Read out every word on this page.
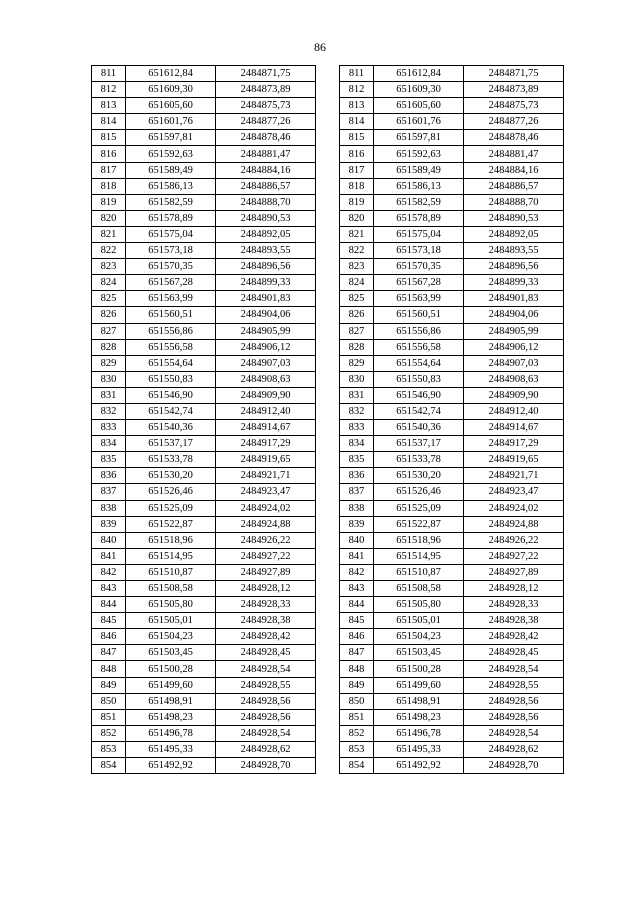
86
811	651612,84	2484871,75
812	651609,30	2484873,89
813	651605,60	2484875,73
814	651601,76	2484877,26
815	651597,81	2484878,46
816	651592,63	2484881,47
817	651589,49	2484884,16
818	651586,13	2484886,57
819	651582,59	2484888,70
820	651578,89	2484890,53
821	651575,04	2484892,05
822	651573,18	2484893,55
823	651570,35	2484896,56
824	651567,28	2484899,33
825	651563,99	2484901,83
826	651560,51	2484904,06
827	651556,86	2484905,99
828	651556,58	2484906,12
829	651554,64	2484907,03
830	651550,83	2484908,63
831	651546,90	2484909,90
832	651542,74	2484912,40
833	651540,36	2484914,67
834	651537,17	2484917,29
835	651533,78	2484919,65
836	651530,20	2484921,71
837	651526,46	2484923,47
838	651525,09	2484924,02
839	651522,87	2484924,88
840	651518,96	2484926,22
841	651514,95	2484927,22
842	651510,87	2484927,89
843	651508,58	2484928,12
844	651505,80	2484928,33
845	651505,01	2484928,38
846	651504,23	2484928,42
847	651503,45	2484928,45
848	651500,28	2484928,54
849	651499,60	2484928,55
850	651498,91	2484928,56
851	651498,23	2484928,56
852	651496,78	2484928,54
853	651495,33	2484928,62
854	651492,92	2484928,70
811	651612,84	2484871,75
812	651609,30	2484873,89
813	651605,60	2484875,73
814	651601,76	2484877,26
815	651597,81	2484878,46
816	651592,63	2484881,47
817	651589,49	2484884,16
818	651586,13	2484886,57
819	651582,59	2484888,70
820	651578,89	2484890,53
821	651575,04	2484892,05
822	651573,18	2484893,55
823	651570,35	2484896,56
824	651567,28	2484899,33
825	651563,99	2484901,83
826	651560,51	2484904,06
827	651556,86	2484905,99
828	651556,58	2484906,12
829	651554,64	2484907,03
830	651550,83	2484908,63
831	651546,90	2484909,90
832	651542,74	2484912,40
833	651540,36	2484914,67
834	651537,17	2484917,29
835	651533,78	2484919,65
836	651530,20	2484921,71
837	651526,46	2484923,47
838	651525,09	2484924,02
839	651522,87	2484924,88
840	651518,96	2484926,22
841	651514,95	2484927,22
842	651510,87	2484927,89
843	651508,58	2484928,12
844	651505,80	2484928,33
845	651505,01	2484928,38
846	651504,23	2484928,42
847	651503,45	2484928,45
848	651500,28	2484928,54
849	651499,60	2484928,55
850	651498,91	2484928,56
851	651498,23	2484928,56
852	651496,78	2484928,54
853	651495,33	2484928,62
854	651492,92	2484928,70
